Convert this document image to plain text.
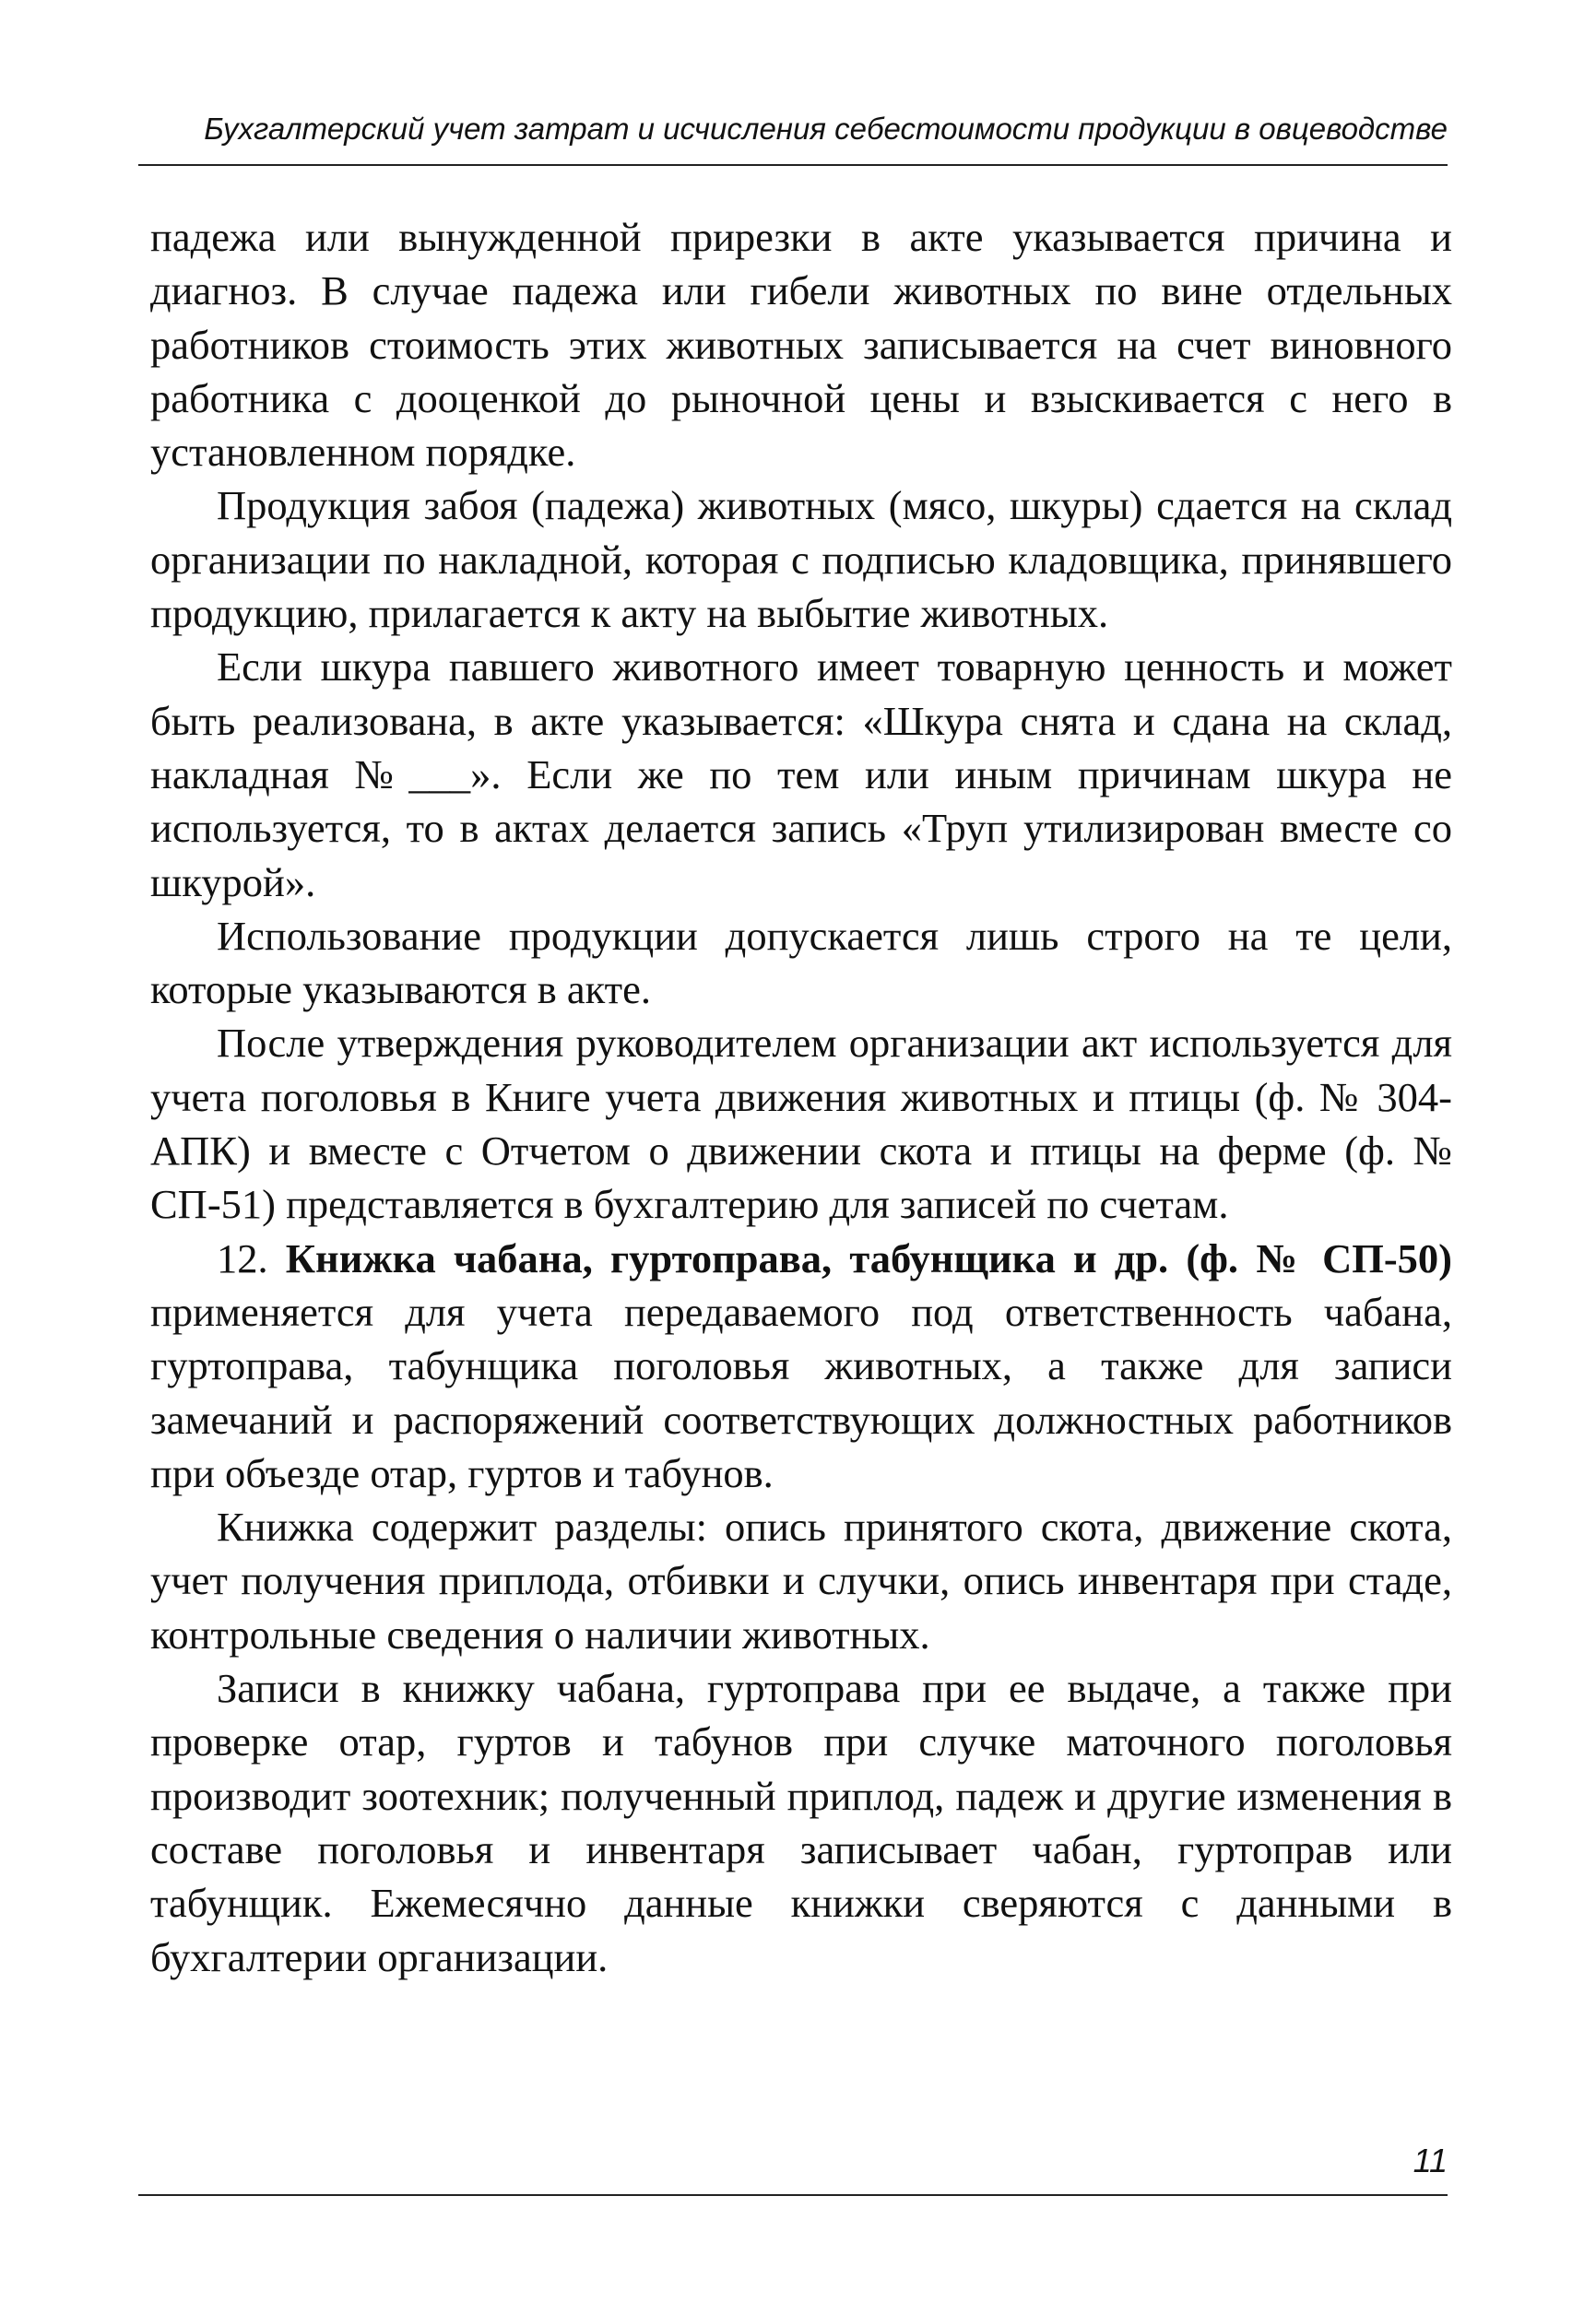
Бухгалтерский учет затрат и исчисления себестоимости продукции в овцеводстве

падежа или вынужденной прирезки в акте указывается причина и диагноз. В случае падежа или гибели животных по вине отдельных работников стоимость этих животных записывается на счет виновного работника с дооценкой до рыночной цены и взыскивается с него в установленном порядке.

Продукция забоя (падежа) животных (мясо, шкуры) сдается на склад организации по накладной, которая с подписью кладовщика, принявшего продукцию, прилагается к акту на выбытие животных.

Если шкура павшего животного имеет товарную ценность и может быть реализована, в акте указывается: «Шкура снята и сдана на склад, накладная №___». Если же по тем или иным причинам шкура не используется, то в актах делается запись «Труп утилизирован вместе со шкурой».

Использование продукции допускается лишь строго на те цели, которые указываются в акте.

После утверждения руководителем организации акт используется для учета поголовья в Книге учета движения животных и птицы (ф. № 304-АПК) и вместе с Отчетом о движении скота и птицы на ферме (ф. № СП-51) представляется в бухгалтерию для записей по счетам.

12. Книжка чабана, гуртоправа, табунщика и др. (ф. № СП-50) применяется для учета передаваемого под ответственность чабана, гуртоправа, табунщика поголовья животных, а также для записи замечаний и распоряжений соответствующих должностных работников при объезде отар, гуртов и табунов.

Книжка содержит разделы: опись принятого скота, движение скота, учет получения приплода, отбивки и случки, опись инвентаря при стаде, контрольные сведения о наличии животных.

Записи в книжку чабана, гуртоправа при ее выдаче, а также при проверке отар, гуртов и табунов при случке маточного поголовья производит зоотехник; полученный приплод, падеж и другие изменения в составе поголовья и инвентаря записывает чабан, гуртоправ или табунщик. Ежемесячно данные книжки сверяются с данными в бухгалтерии организации.

11
